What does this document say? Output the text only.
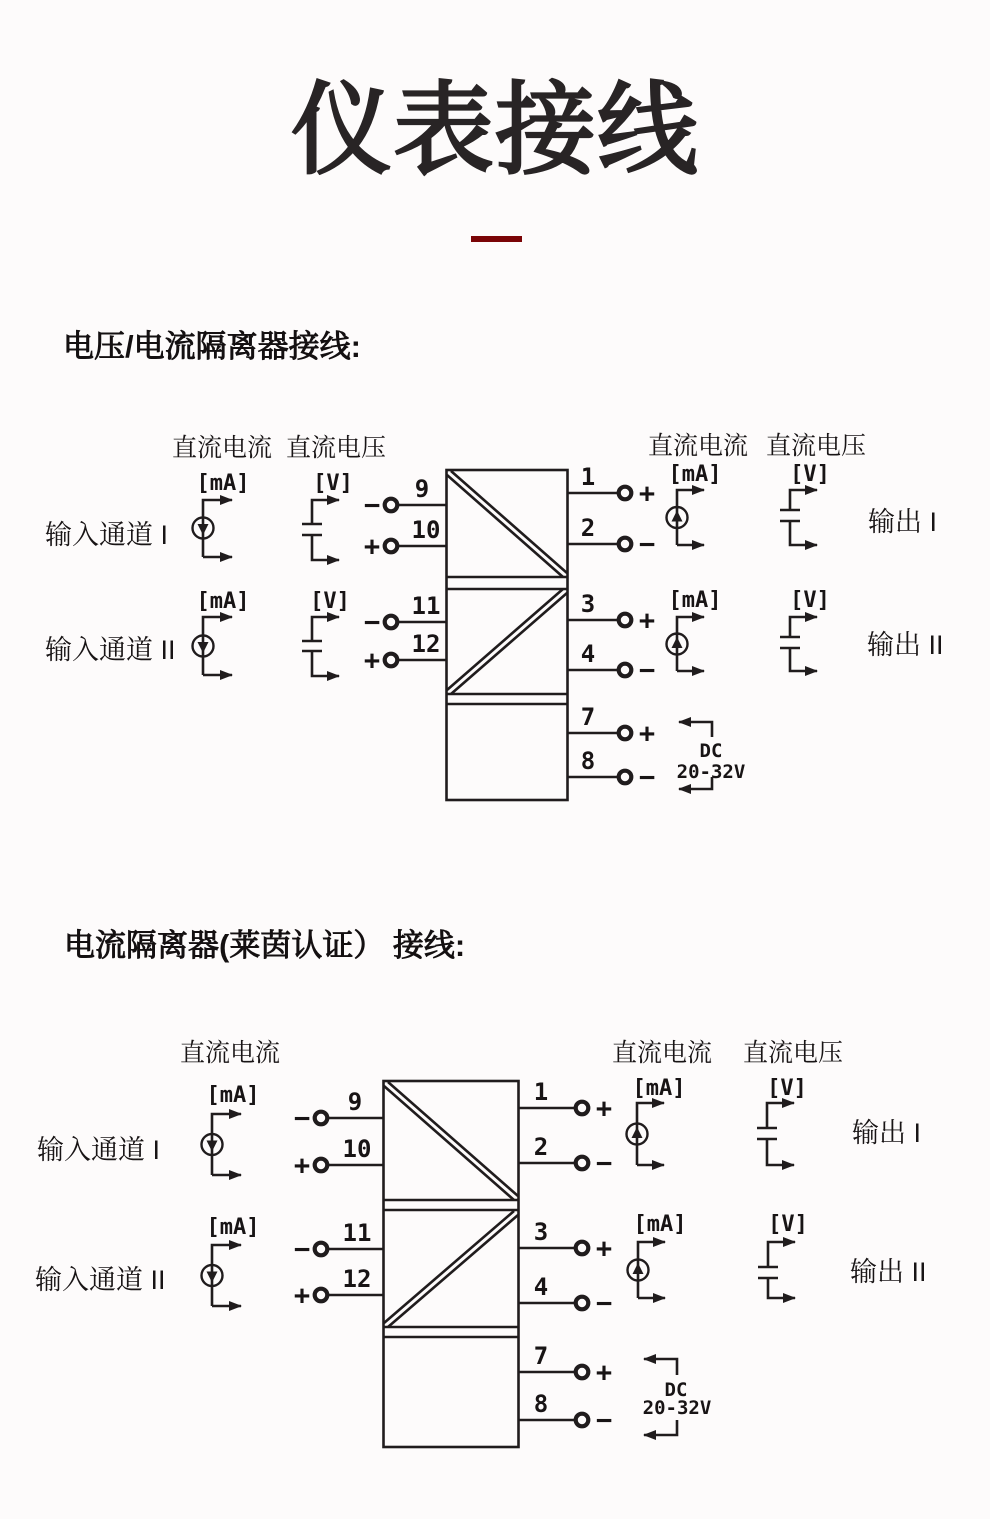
仪表接线
电压/电流隔离器接线:
直流电流 直流电压	直流电流 直流电压
输入通道 I
[mA]	[V]
输入通道 II
[mA]	[V]
−
9
+
10
−
11
+
12
1
+
2
−
3
+
4
−
7
+
8
−
[mA]	[V]
输出 I
[mA]	[V]
输出 II
DC
20-32V
电流隔离器(莱茵认证） 接线:
直流电流	直流电流 直流电压
输入通道 I
[mA]
输入通道 II
[mA]
−
9
+
10
−
11
+
12
1
+
2
−
3
+
4
−
7
+
8
−
[mA]	[V]
输出 I
[mA]	[V]
输出 II
DC
20-32V
